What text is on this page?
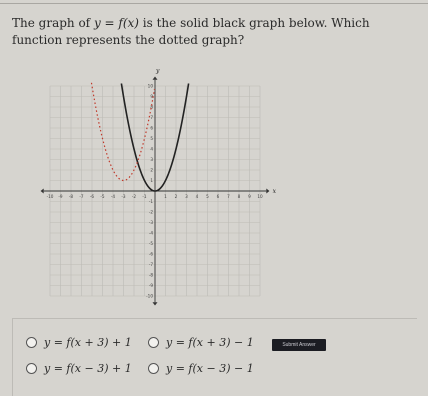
The graph of y = f(x) is the solid black graph below. Which function represents the dotted graph?
x
y
-10 -9 -8 -7 -6 -5 -4 -3 -2 -1	1 2 3 4 5 6 7 8 9 10
10
9
8
7
6
5
4
3
2
1
-1
-2
-3
-4
-5
-6
-7
-8
-9
-10
y = f(x + 3) + 1	y = f(x + 3) − 1
y = f(x − 3) + 1	y = f(x − 3) − 1
Submit Answer
